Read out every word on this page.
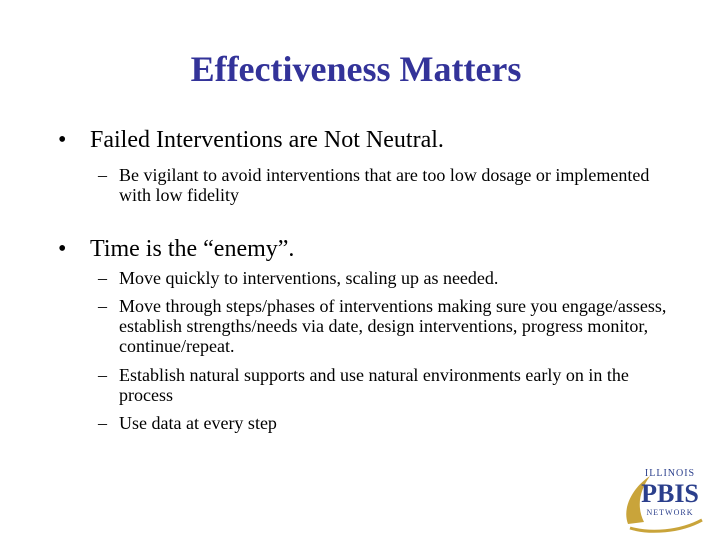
Effectiveness Matters
• Failed Interventions are Not Neutral.
– Be vigilant to avoid interventions that are too low dosage or implemented with low fidelity
• Time is the “enemy”.
– Move quickly to interventions, scaling up as needed.
– Move through steps/phases of interventions making sure you engage/assess, establish strengths/needs via date, design interventions, progress monitor, continue/repeat.
– Establish natural supports and use natural environments early on in the process
– Use data at every step
ILLINOIS
PBIS
NETWORK
